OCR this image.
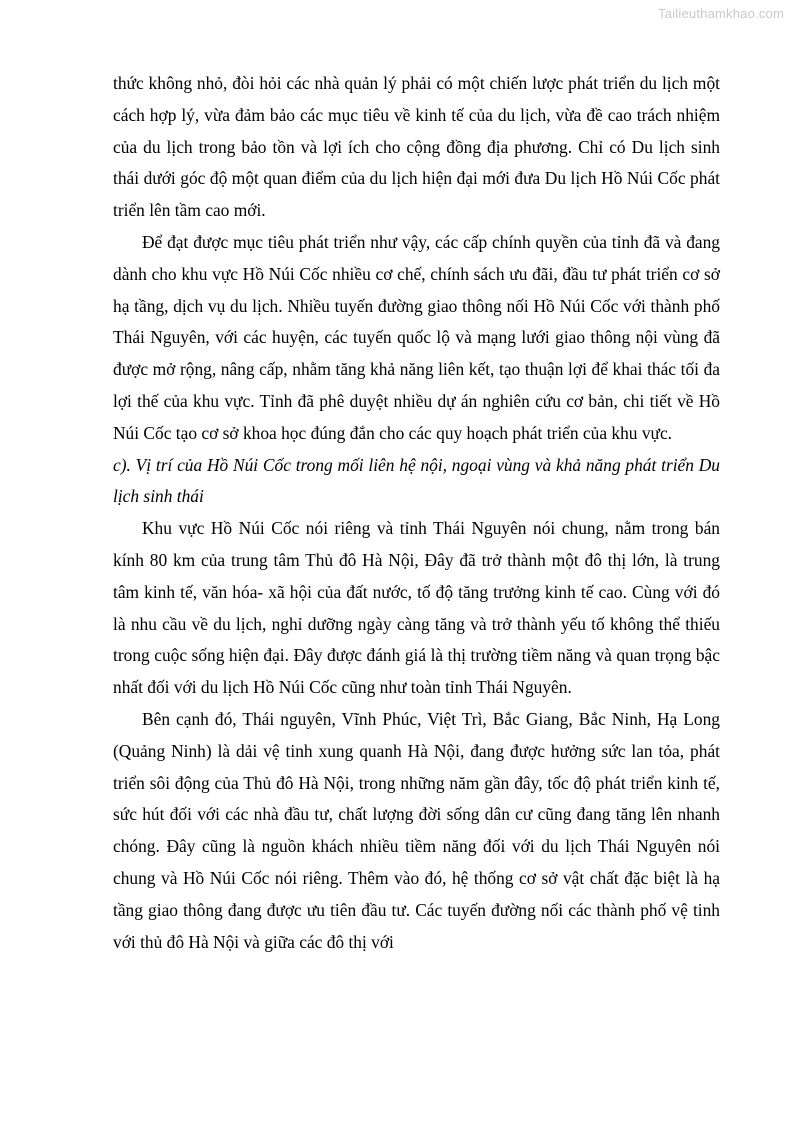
Tailieuthamkhao.com

thức không nhỏ, đòi hỏi các nhà quản lý phải có một chiến lược phát triển du lịch một cách hợp lý, vừa đảm bảo các mục tiêu về kinh tế của du lịch, vừa đề cao trách nhiệm của du lịch trong bảo tồn và lợi ích cho cộng đồng địa phương. Chỉ có Du lịch sinh thái dưới góc độ một quan điểm của du lịch hiện đại mới đưa Du lịch Hồ Núi Cốc phát triển lên tầm cao mới.

Để đạt được mục tiêu phát triển như vậy, các cấp chính quyền của tỉnh đã và đang dành cho khu vực Hồ Núi Cốc nhiều cơ chế, chính sách ưu đãi, đầu tư phát triển cơ sở hạ tầng, dịch vụ du lịch. Nhiều tuyến đường giao thông nối Hồ Núi Cốc với thành phố Thái Nguyên, với các huyện, các tuyến quốc lộ và mạng lưới giao thông nội vùng đã được mở rộng, nâng cấp, nhằm tăng khả năng liên kết, tạo thuận lợi để khai thác tối đa lợi thế của khu vực. Tỉnh đã phê duyệt nhiều dự án nghiên cứu cơ bản, chi tiết về Hồ Núi Cốc tạo cơ sở khoa học đúng đắn cho các quy hoạch phát triển của khu vực.

c). Vị trí của Hồ Núi Cốc trong mối liên hệ nội, ngoại vùng và khả năng phát triển Du lịch sinh thái

Khu vực Hồ Núi Cốc nói riêng và tỉnh Thái Nguyên nói chung, nằm trong bán kính 80 km của trung tâm Thủ đô Hà Nội, Đây đã trở thành một đô thị lớn, là trung tâm kinh tế, văn hóa- xã hội của đất nước, tố độ tăng trưởng kinh tế cao. Cùng với đó là nhu cầu về du lịch, nghỉ dưỡng ngày càng tăng và trở thành yếu tố không thể thiếu trong cuộc sống hiện đại. Đây được đánh giá là thị trường tiềm năng và quan trọng bậc nhất đối với du lịch Hồ Núi Cốc cũng như toàn tỉnh Thái Nguyên.

Bên cạnh đó, Thái nguyên, Vĩnh Phúc, Việt Trì, Bắc Giang, Bắc Ninh, Hạ Long (Quảng Ninh) là dải vệ tinh xung quanh Hà Nội, đang được hưởng sức lan tỏa, phát triển sôi động của Thủ đô Hà Nội, trong những năm gần đây, tốc độ phát triển kinh tế, sức hút đối với các nhà đầu tư, chất lượng đời sống dân cư cũng đang tăng lên nhanh chóng. Đây cũng là nguồn khách nhiều tiềm năng đối với du lịch Thái Nguyên nói chung và Hồ Núi Cốc nói riêng. Thêm vào đó, hệ thống cơ sở vật chất đặc biệt là hạ tầng giao thông đang được ưu tiên đầu tư. Các tuyến đường nối các thành phố vệ tinh với thủ đô Hà Nội và giữa các đô thị với
